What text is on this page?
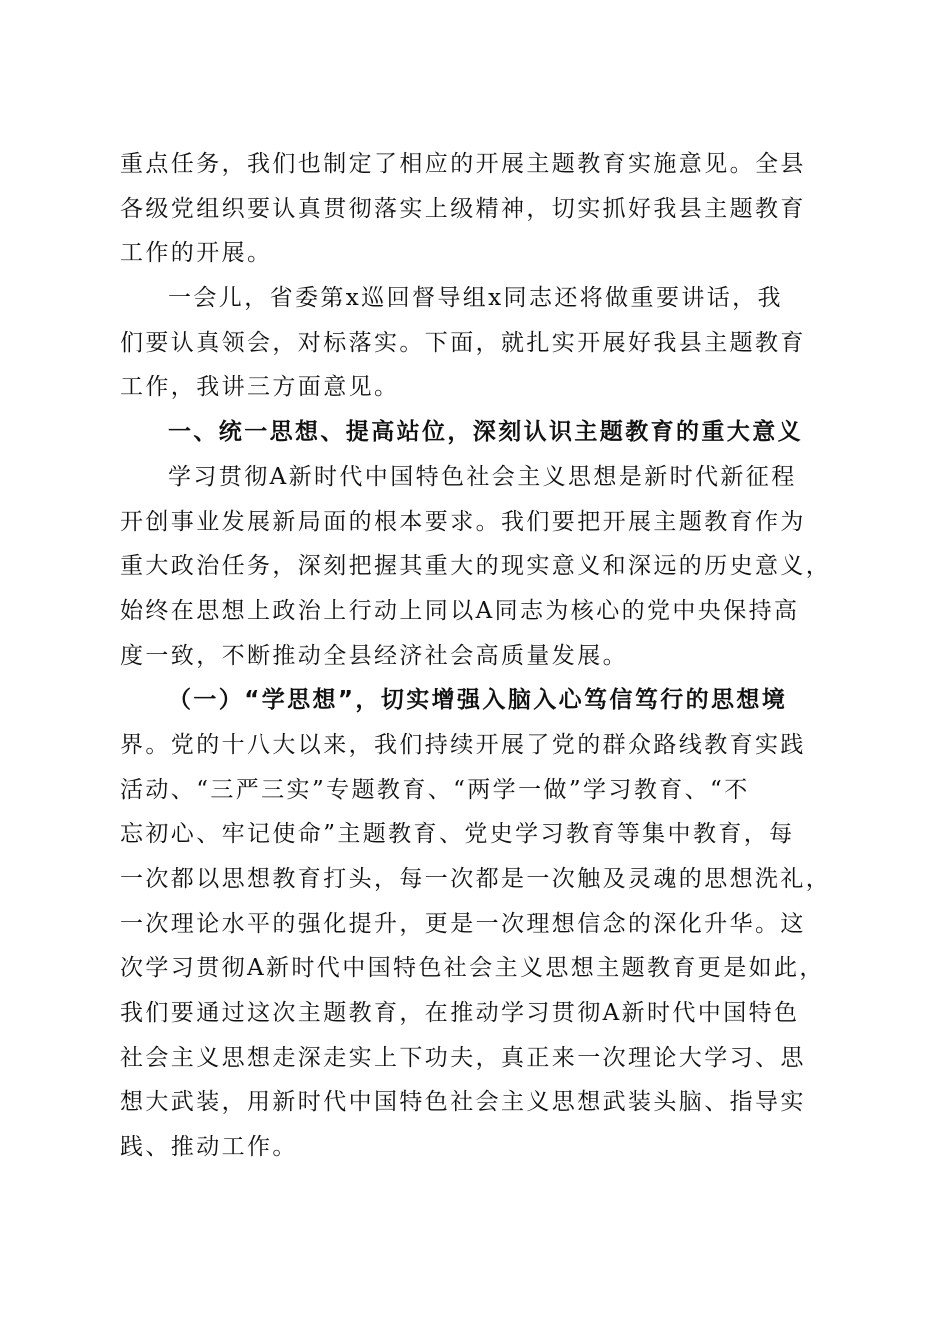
重点任务，我们也制定了相应的开展主题教育实施意见。全县
各级党组织要认真贯彻落实上级精神，切实抓好我县主题教育
工作的开展。
一会儿，省委第x巡回督导组x同志还将做重要讲话，我
们要认真领会，对标落实。下面，就扎实开展好我县主题教育
工作，我讲三方面意见。
一、统一思想、提高站位，深刻认识主题教育的重大意义
学习贯彻A新时代中国特色社会主义思想是新时代新征程
开创事业发展新局面的根本要求。我们要把开展主题教育作为
重大政治任务，深刻把握其重大的现实意义和深远的历史意义，
始终在思想上政治上行动上同以A同志为核心的党中央保持高
度一致，不断推动全县经济社会高质量发展。
（一）“学思想”，切实增强入脑入心笃信笃行的思想境
界。党的十八大以来，我们持续开展了党的群众路线教育实践
活动、“三严三实”专题教育、“两学一做”学习教育、“不
忘初心、牢记使命”主题教育、党史学习教育等集中教育，每
一次都以思想教育打头，每一次都是一次触及灵魂的思想洗礼，
一次理论水平的强化提升，更是一次理想信念的深化升华。这
次学习贯彻A新时代中国特色社会主义思想主题教育更是如此，
我们要通过这次主题教育，在推动学习贯彻A新时代中国特色
社会主义思想走深走实上下功夫，真正来一次理论大学习、思
想大武装，用新时代中国特色社会主义思想武装头脑、指导实
践、推动工作。
